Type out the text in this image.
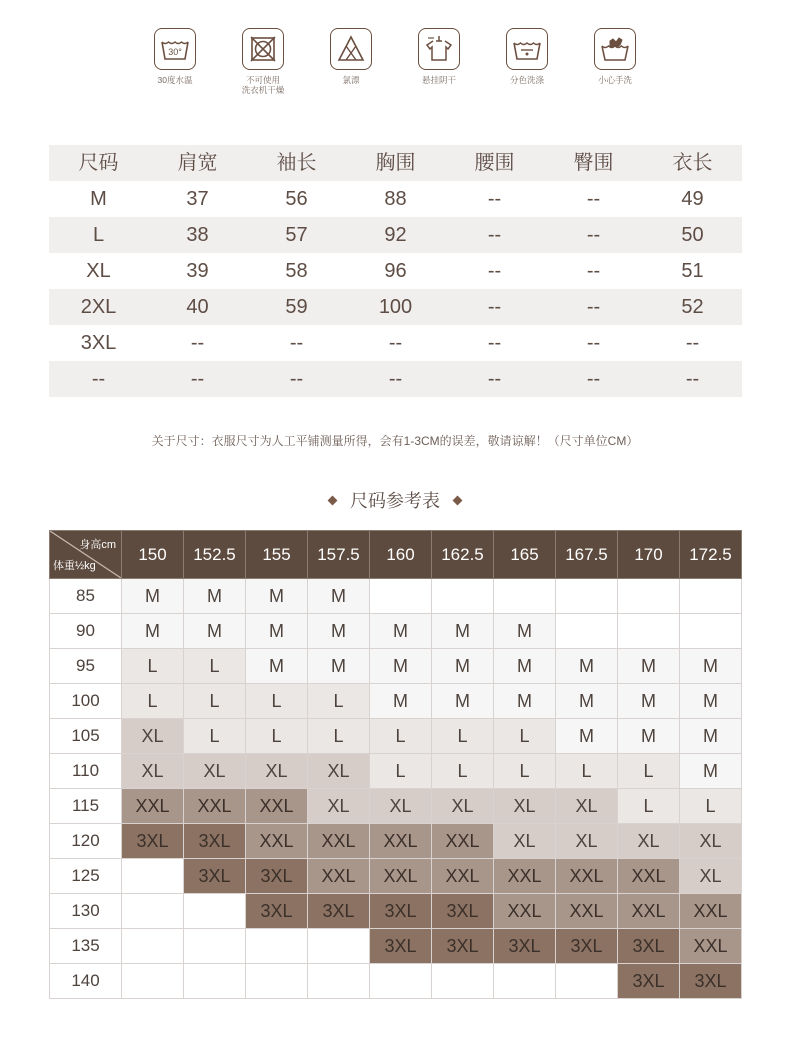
30°
30度水温	不可使用
洗衣机干燥
氯漂	悬挂阴干	分色洗涤	小心手洗
尺码	肩宽	袖长	胸围	腰围	臀围	衣长
M	37	56	88	--	--	49
L	38	57	92	--	--	50
XL	39	58	96	--	--	51
2XL	40	59	100	--	--	52
3XL	--	--	--	--	--	--
--	--	--	--	--	--	--
关于尺寸：衣服尺寸为人工平铺测量所得，会有1-3CM的误差，敬请谅解！（尺寸单位CM）
尺码参考表
身高cm
体重½kg	150	152.5	155	157.5	160	162.5	165	167.5	170	172.5
85	M	M	M	M						
90	M	M	M	M	M	M	M			
95	L	L	M	M	M	M	M	M	M	M
100	L	L	L	L	M	M	M	M	M	M
105	XL	L	L	L	L	L	L	M	M	M
110	XL	XL	XL	XL	L	L	L	L	L	M
115	XXL	XXL	XXL	XL	XL	XL	XL	XL	L	L
120	3XL	3XL	XXL	XXL	XXL	XXL	XL	XL	XL	XL
125		3XL	3XL	XXL	XXL	XXL	XXL	XXL	XXL	XL
130			3XL	3XL	3XL	3XL	XXL	XXL	XXL	XXL
135					3XL	3XL	3XL	3XL	3XL	XXL
140									3XL	3XL
